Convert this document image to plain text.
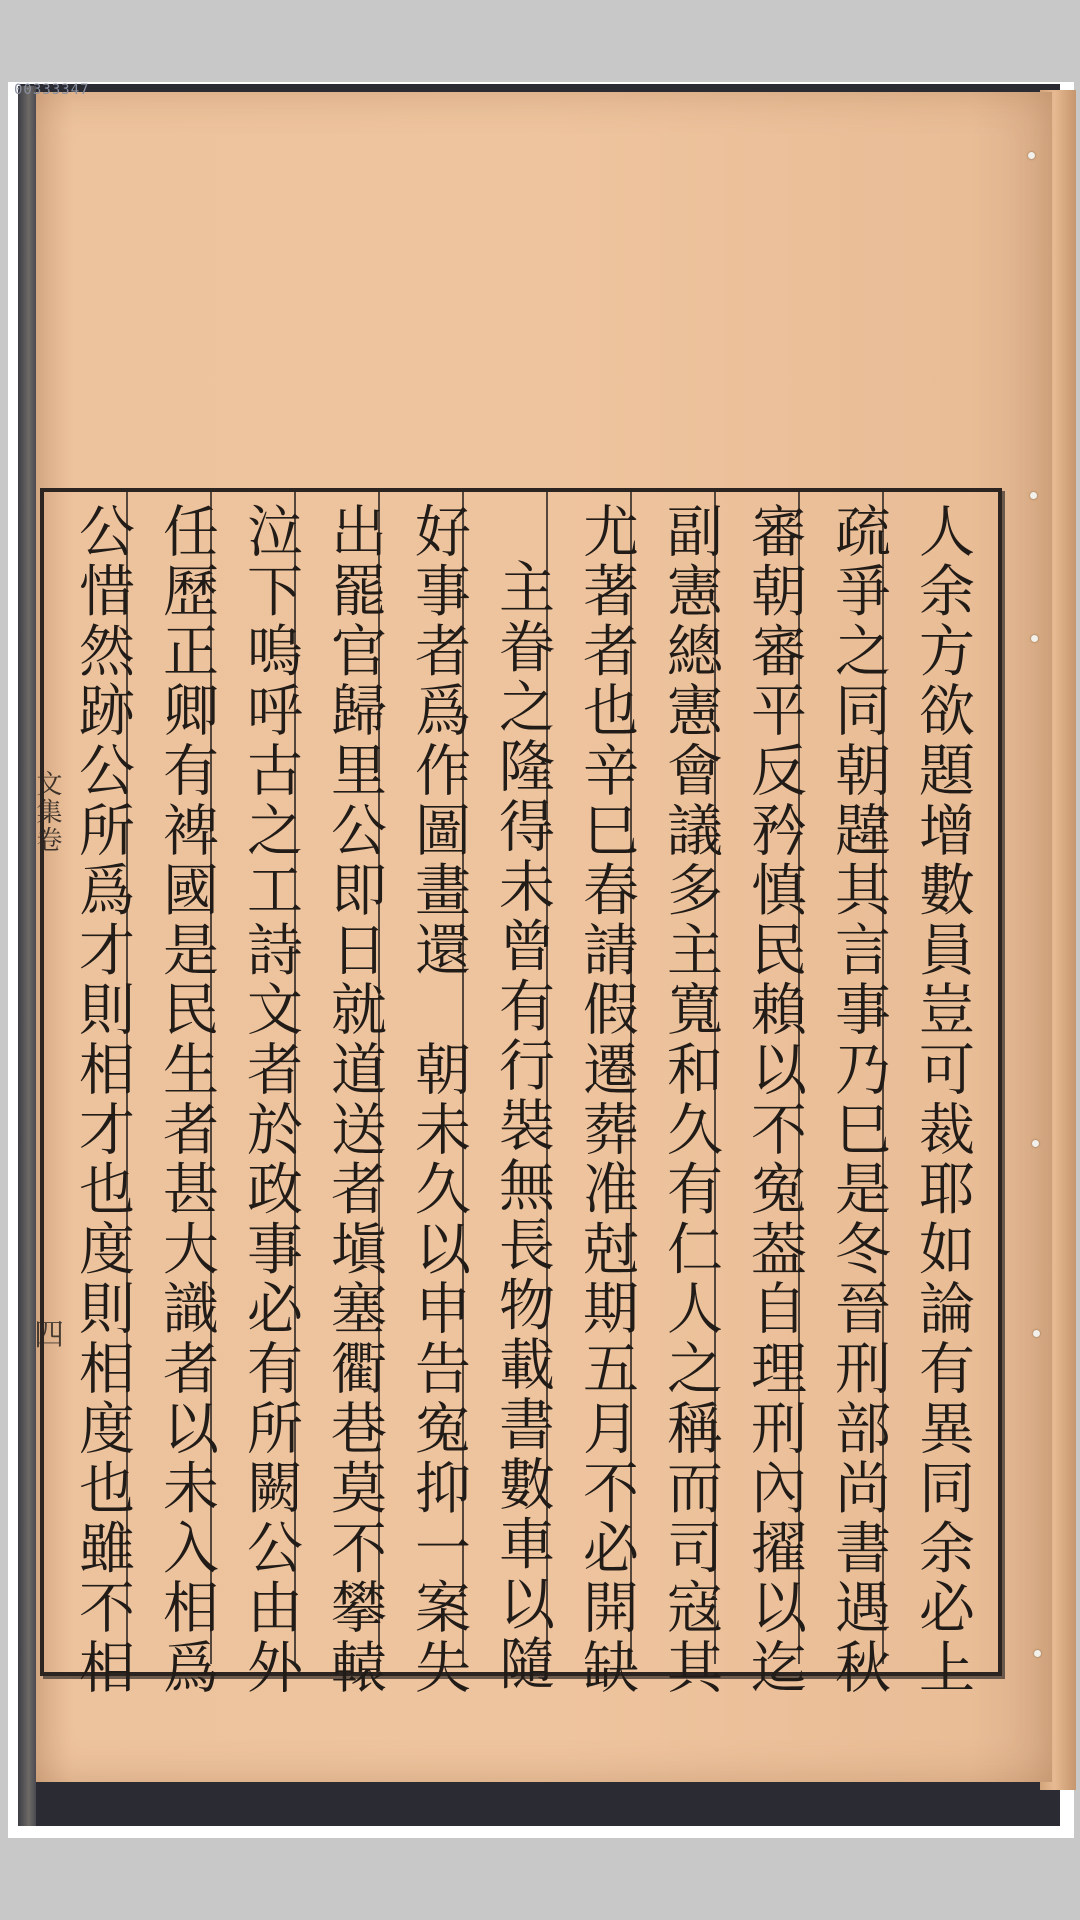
00333347
文集卷
四	人余方欲題增數員豈可裁耶如論有異同余必上
疏爭之同朝韙其言事乃巳是冬晉刑部尚書遇秋
審朝審平反矜慎民賴以不寃葢自理刑內擢以迄
副憲總憲會議多主寬和久有仁人之稱而司寇其
尤著者也辛巳春請假遷葬准尅期五月不必開缺
主眷之隆得未曾有行裝無長物載書數車以隨
好事者爲作圖畫還　朝未久以申告寃抑一案失
出罷官歸里公即日就道送者塡塞衢巷莫不攀轅
泣下嗚呼古之工詩文者於政事必有所闕公由外
任歷正卿有裨國是民生者甚大識者以未入相爲
公惜然跡公所爲才則相才也度則相度也雖不相
